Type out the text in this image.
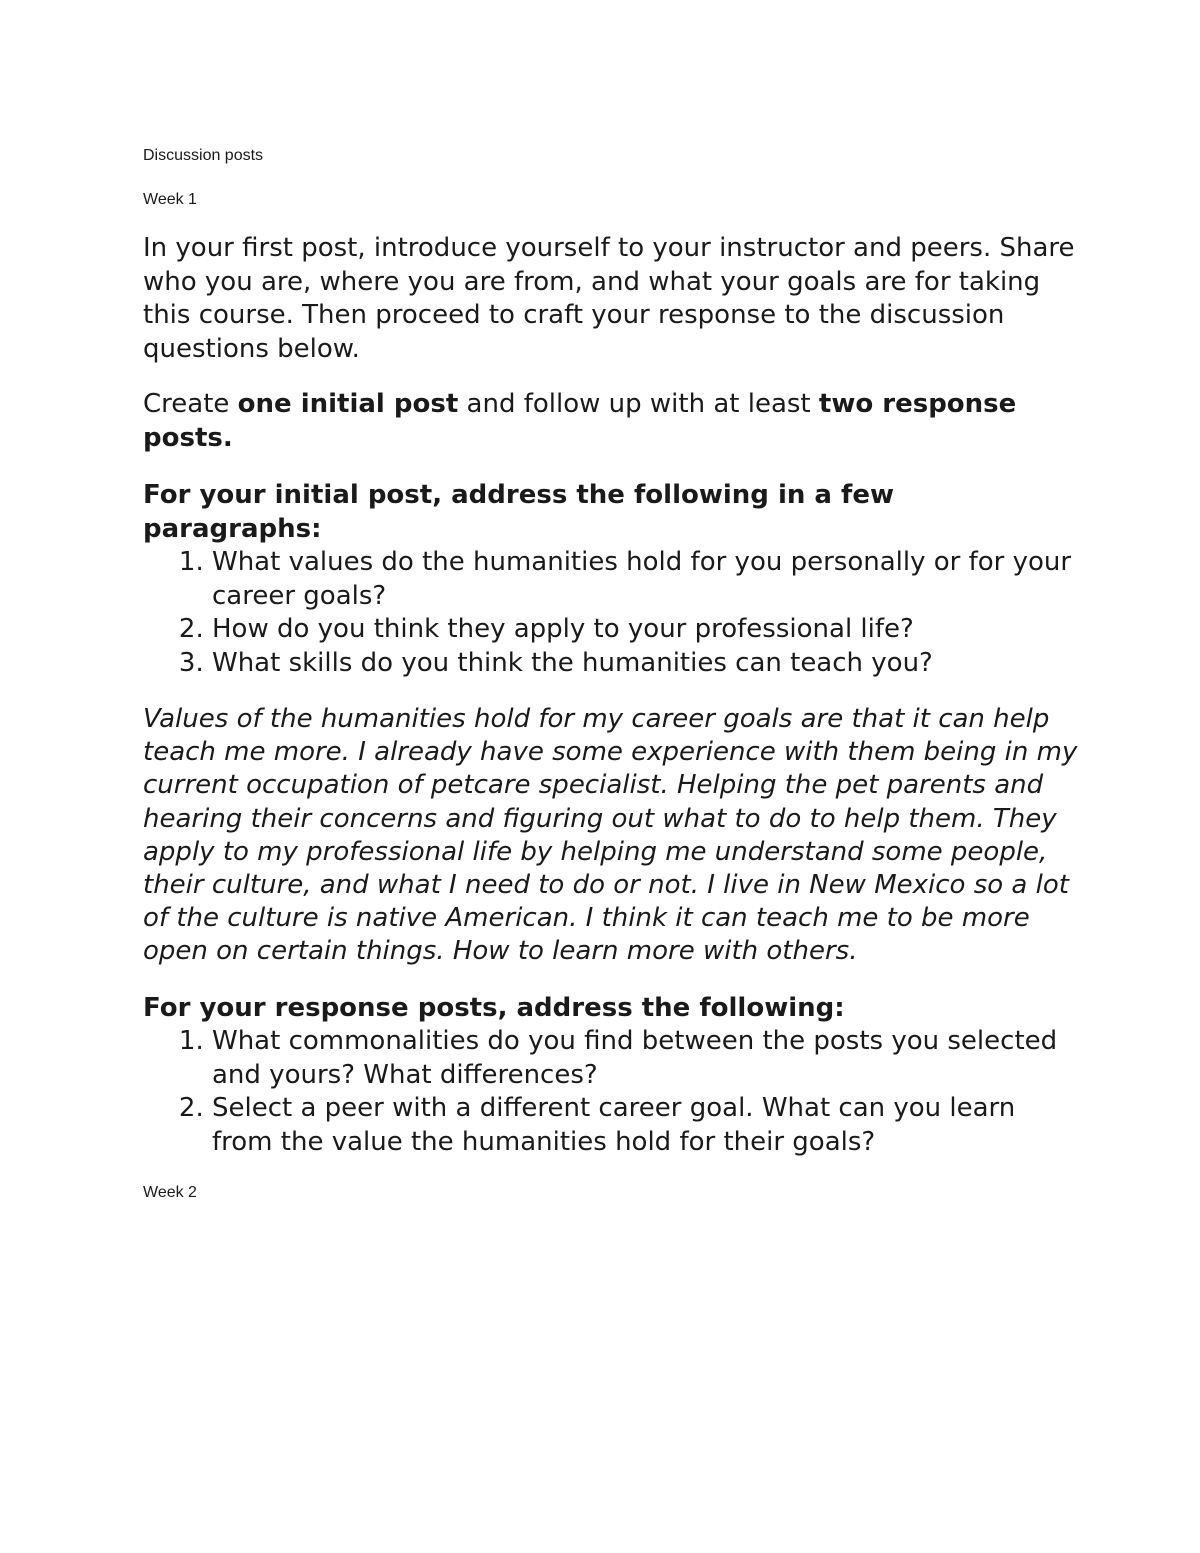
Discussion posts

Week 1

In your first post, introduce yourself to your instructor and peers. Share who you are, where you are from, and what your goals are for taking this course. Then proceed to craft your response to the discussion questions below.

Create one initial post and follow up with at least two response posts.

For your initial post, address the following in a few paragraphs:

1. What values do the humanities hold for you personally or for your career goals?
2. How do you think they apply to your professional life?
3. What skills do you think the humanities can teach you?

Values of the humanities hold for my career goals are that it can help teach me more. I already have some experience with them being in my current occupation of petcare specialist. Helping the pet parents and hearing their concerns and figuring out what to do to help them. They apply to my professional life by helping me understand some people, their culture, and what I need to do or not. I live in New Mexico so a lot of the culture is native American. I think it can teach me to be more open on certain things. How to learn more with others.

For your response posts, address the following:

1. What commonalities do you find between the posts you selected and yours? What differences?
2. Select a peer with a different career goal. What can you learn from the value the humanities hold for their goals?

Week 2
